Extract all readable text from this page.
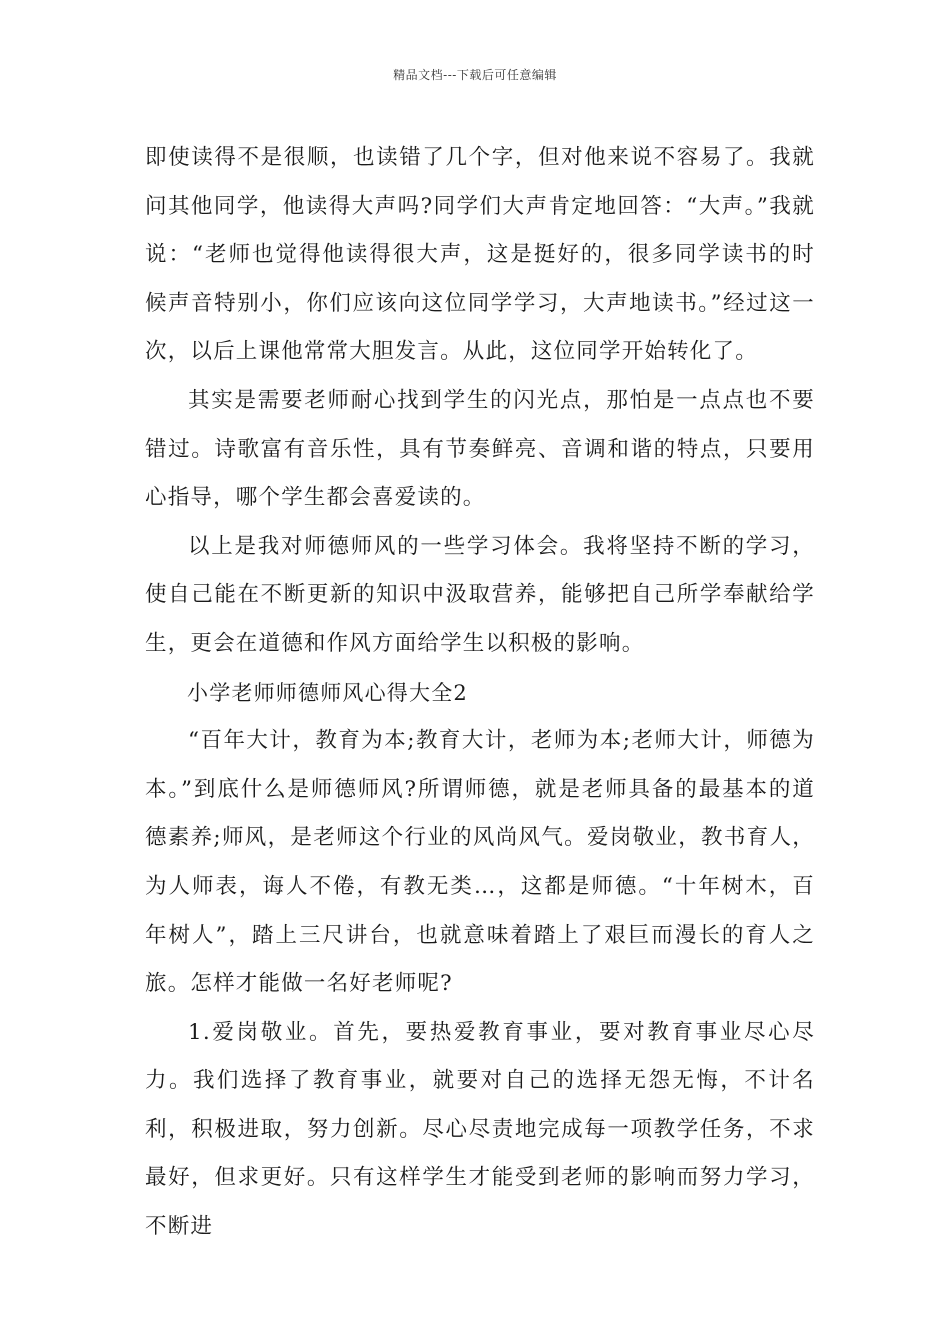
精品文档---下载后可任意编辑

即使读得不是很顺，也读错了几个字，但对他来说不容易了。我就问其他同学，他读得大声吗?同学们大声肯定地回答：“大声。”我就说：“老师也觉得他读得很大声，这是挺好的，很多同学读书的时候声音特别小，你们应该向这位同学学习，大声地读书。”经过这一次，以后上课他常常大胆发言。从此，这位同学开始转化了。

其实是需要老师耐心找到学生的闪光点，那怕是一点点也不要错过。诗歌富有音乐性，具有节奏鲜亮、音调和谐的特点，只要用心指导，哪个学生都会喜爱读的。

以上是我对师德师风的一些学习体会。我将坚持不断的学习，使自己能在不断更新的知识中汲取营养，能够把自己所学奉献给学生，更会在道德和作风方面给学生以积极的影响。

小学老师师德师风心得大全2

“百年大计，教育为本;教育大计，老师为本;老师大计，师德为本。”到底什么是师德师风?所谓师德，就是老师具备的最基本的道德素养;师风，是老师这个行业的风尚风气。爱岗敬业，教书育人，为人师表，诲人不倦，有教无类…，这都是师德。“十年树木，百年树人”，踏上三尺讲台，也就意味着踏上了艰巨而漫长的育人之旅。怎样才能做一名好老师呢?

1.爱岗敬业。首先，要热爱教育事业，要对教育事业尽心尽力。我们选择了教育事业，就要对自己的选择无怨无悔，不计名利，积极进取，努力创新。尽心尽责地完成每一项教学任务，不求最好，但求更好。只有这样学生才能受到老师的影响而努力学习，不断进
